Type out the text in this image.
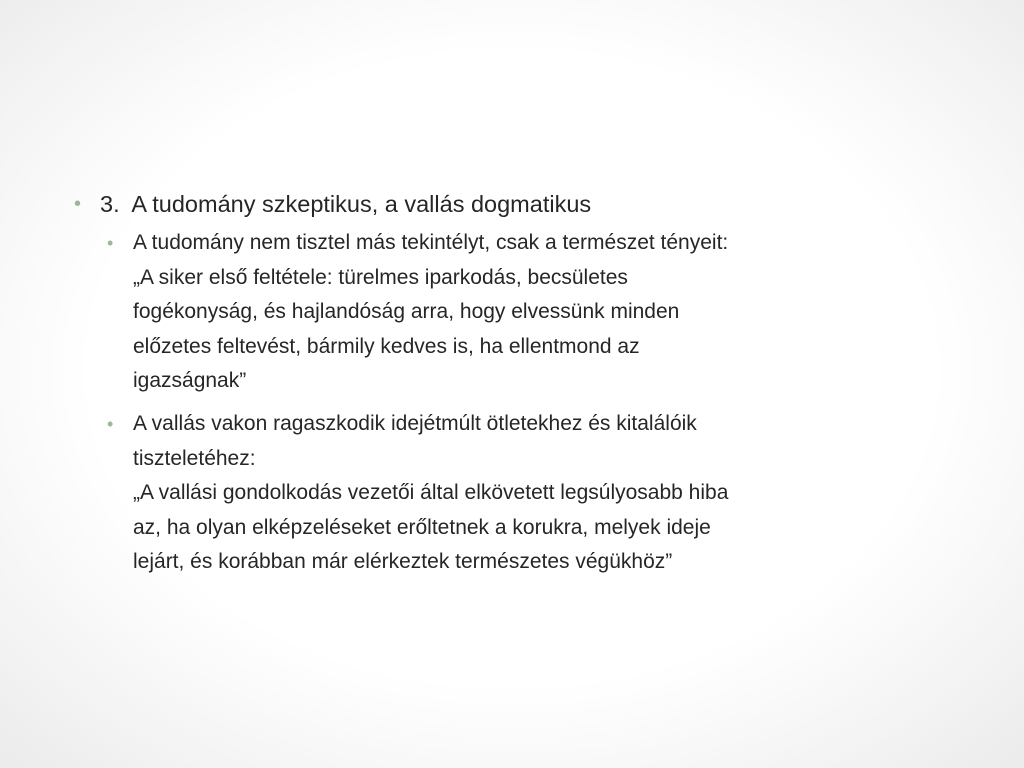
• 3.  A tudomány szkeptikus, a vallás dogmatikus
• A tudomány nem tisztel más tekintélyt, csak a természet tényeit:
„A siker első feltétele: türelmes iparkodás, becsületes
fogékonyság, és hajlandóság arra, hogy elvessünk minden
előzetes feltevést, bármily kedves is, ha ellentmond az
igazságnak”
• A vallás vakon ragaszkodik idejétmúlt ötletekhez és kitalálóik
tiszteletéhez:
„A vallási gondolkodás vezetői által elkövetett legsúlyosabb hiba
az, ha olyan elképzeléseket erőltetnek a korukra, melyek ideje
lejárt, és korábban már elérkeztek természetes végükhöz”
